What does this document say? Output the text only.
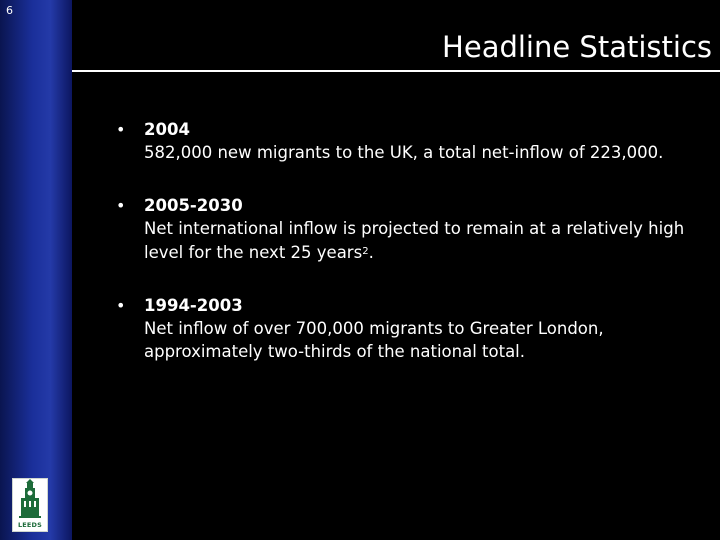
6
Headline Statistics
• 2004
582,000 new migrants to the UK, a total net-inflow of 223,000.
• 2005-2030
Net international inflow is projected to remain at a relatively high level for the next 25 years$^2$.
• 1994-2003
Net inflow of over 700,000 migrants to Greater London, approximately two-thirds of the national total.
LEEDS
